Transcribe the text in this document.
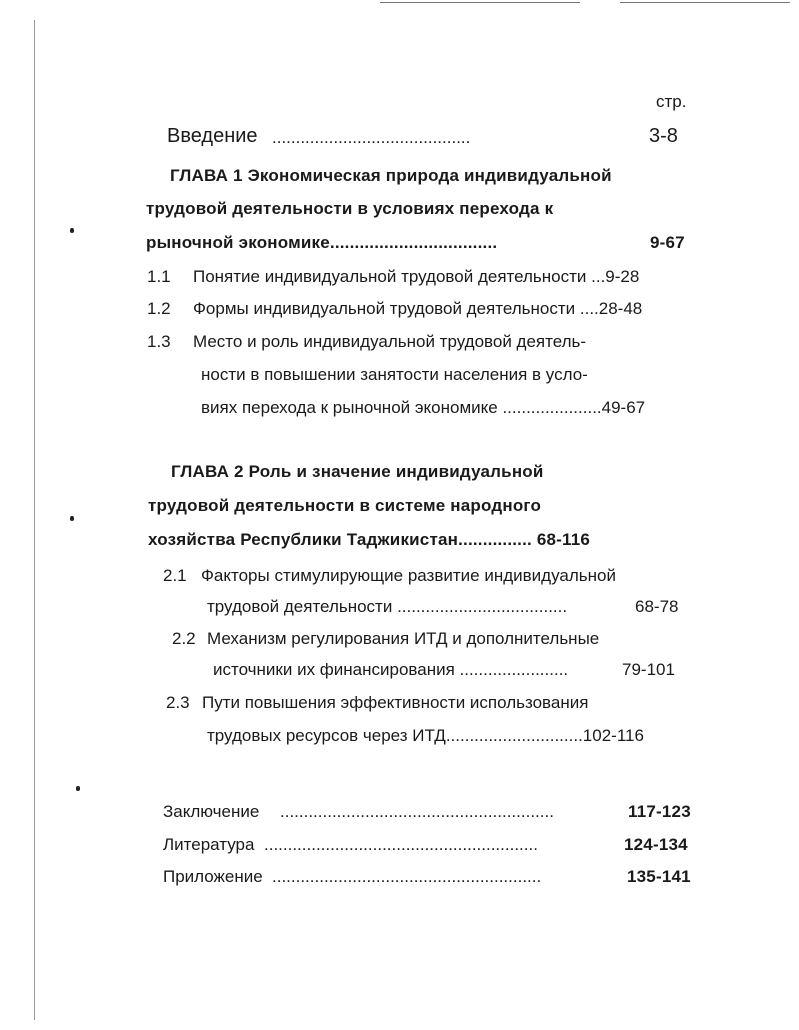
стр.
Введение ..........................................	3-8
ГЛАВА 1 Экономическая природа индивидуальной
трудовой деятельности в условиях перехода к
рыночной экономике..................................	9-67
1.1 Понятие индивидуальной трудовой деятельности ...9-28
1.2 Формы индивидуальной трудовой деятельности ....28-48
1.3 Место и роль индивидуальной трудовой деятель-
ности в повышении занятости населения в усло-
виях перехода к рыночной экономике .....................49-67
ГЛАВА 2 Роль и значение индивидуальной
трудовой деятельности в системе народного
хозяйства Республики Таджикистан............... 68-116
2.1 Факторы стимулирующие развитие индивидуальной
трудовой деятельности ....................................	68-78
2.2 Механизм регулирования ИТД и дополнительные
источники их финансирования .......................	79-101
2.3 Пути повышения эффективности использования
трудовых ресурсов через ИТД.............................102-116
Заключение ..........................................................	117-123
Литература ..........................................................	124-134
Приложение .........................................................	135-141
